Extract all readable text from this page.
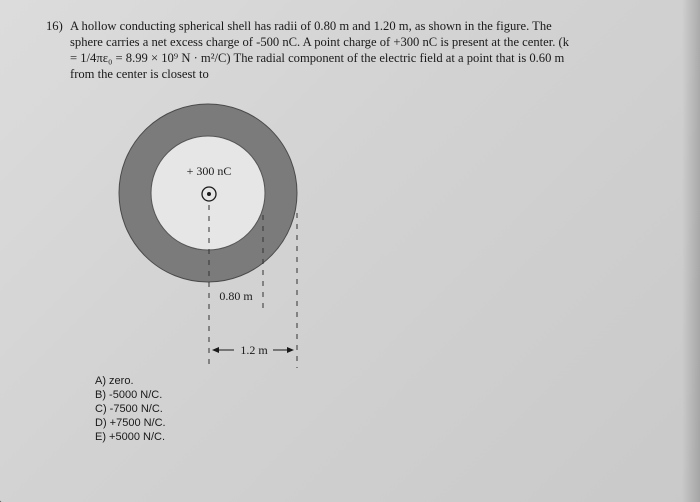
16) A hollow conducting spherical shell has radii of 0.80 m and 1.20 m, as shown in the figure. The
sphere carries a net excess charge of -500 nC. A point charge of +300 nC is present at the center. (k
= 1/4πε₀ = 8.99 × 10⁹ N · m²/C) The radial component of the electric field at a point that is 0.60 m
from the center is closest to
+ 300 nC
0.80 m
1.2 m
A) zero.
B) -5000 N/C.
C) -7500 N/C.
D) +7500 N/C.
E) +5000 N/C.
